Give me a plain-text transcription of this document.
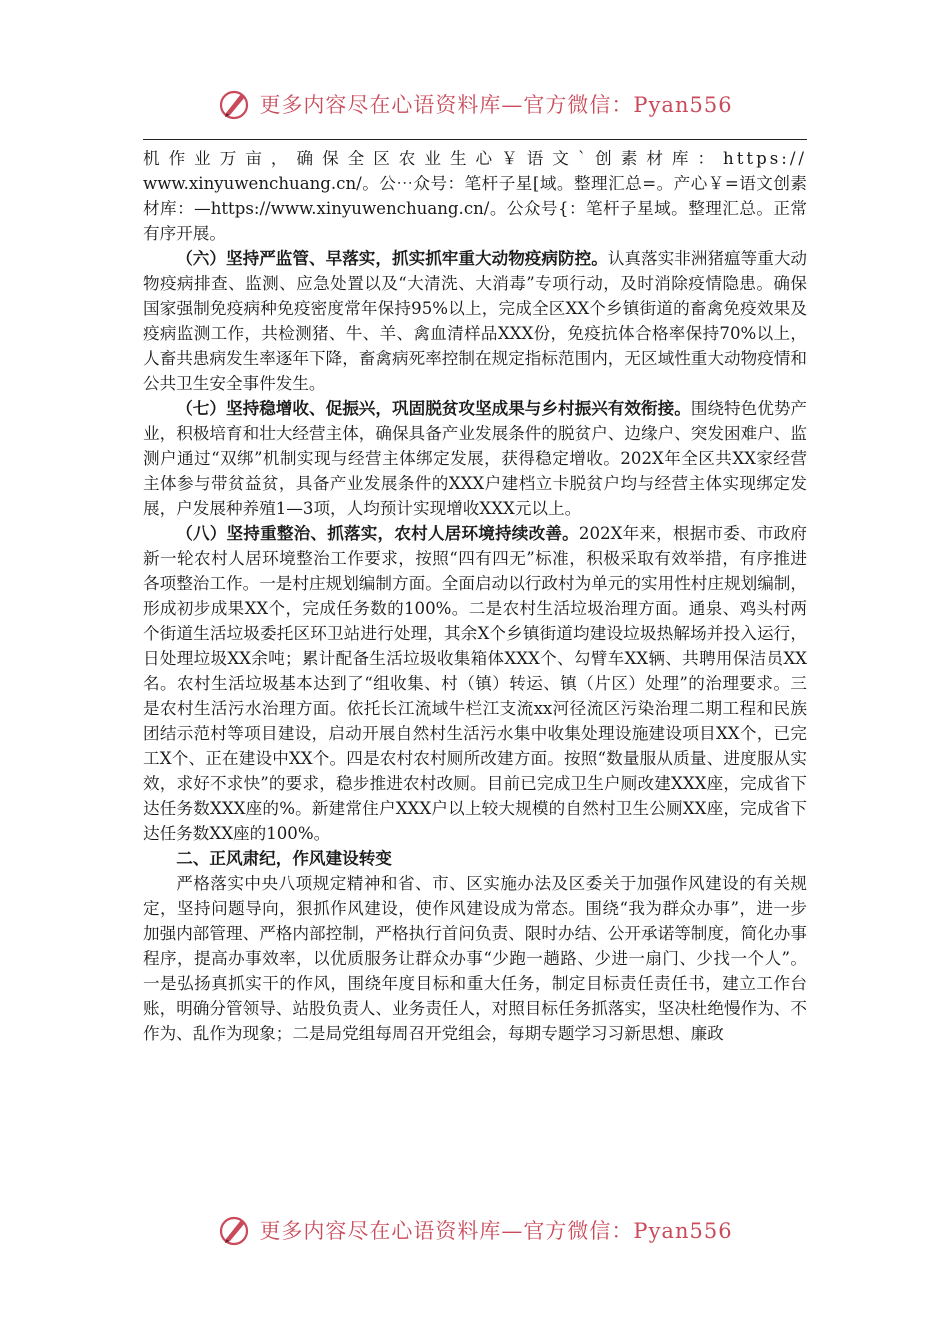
更多内容尽在心语资料库—官方微信：Pyan556

机作业万亩，确保全区农业生心￥语文`创素材库：https://

www.xinyuwenchuang.cn/。公⋯众号：笔杆子星[域。整理汇总=。产心￥=语文创素材库：—https://www.xinyuwenchuang.cn/。公众号{：笔杆子星域。整理汇总。正常有序开展。

（六）坚持严监管、早落实，抓实抓牢重大动物疫病防控。认真落实非洲猪瘟等重大动物疫病排查、监测、应急处置以及“大清洗、大消毒”专项行动，及时消除疫情隐患。确保国家强制免疫病种免疫密度常年保持95%以上，完成全区XX个乡镇街道的畜禽免疫效果及疫病监测工作，共检测猪、牛、羊、禽血清样品XXX份，免疫抗体合格率保持70%以上，人畜共患病发生率逐年下降，畜禽病死率控制在规定指标范围内，无区域性重大动物疫情和公共卫生安全事件发生。

（七）坚持稳增收、促振兴，巩固脱贫攻坚成果与乡村振兴有效衔接。围绕特色优势产业，积极培育和壮大经营主体，确保具备产业发展条件的脱贫户、边缘户、突发困难户、监测户通过“双绑”机制实现与经营主体绑定发展，获得稳定增收。202X年全区共XX家经营主体参与带贫益贫，具备产业发展条件的XXX户建档立卡脱贫户均与经营主体实现绑定发展，户发展种养殖1—3项，人均预计实现增收XXX元以上。

（八）坚持重整治、抓落实，农村人居环境持续改善。202X年来，根据市委、市政府新一轮农村人居环境整治工作要求，按照“四有四无”标准，积极采取有效举措，有序推进各项整治工作。一是村庄规划编制方面。全面启动以行政村为单元的实用性村庄规划编制，形成初步成果XX个，完成任务数的100%。二是农村生活垃圾治理方面。通泉、鸡头村两个街道生活垃圾委托区环卫站进行处理，其余X个乡镇街道均建设垃圾热解场并投入运行，日处理垃圾XX余吨；累计配备生活垃圾收集箱体XXX个、勾臂车XX辆、共聘用保洁员XX名。农村生活垃圾基本达到了“组收集、村（镇）转运、镇（片区）处理”的治理要求。三是农村生活污水治理方面。依托长江流域牛栏江支流xx河径流区污染治理二期工程和民族团结示范村等项目建设，启动开展自然村生活污水集中收集处理设施建设项目XX个，已完工X个、正在建设中XX个。四是农村农村厕所改建方面。按照“数量服从质量、进度服从实效，求好不求快”的要求，稳步推进农村改厕。目前已完成卫生户厕改建XXX座，完成省下达任务数XXX座的%。新建常住户XXX户以上较大规模的自然村卫生公厕XX座，完成省下达任务数XX座的100%。

二、正风肃纪，作风建设转变

严格落实中央八项规定精神和省、市、区实施办法及区委关于加强作风建设的有关规定，坚持问题导向，狠抓作风建设，使作风建设成为常态。围绕“我为群众办事”，进一步加强内部管理、严格内部控制，严格执行首问负责、限时办结、公开承诺等制度，简化办事程序，提高办事效率，以优质服务让群众办事“少跑一趟路、少进一扇门、少找一个人”。一是弘扬真抓实干的作风，围绕年度目标和重大任务，制定目标责任责任书，建立工作台账，明确分管领导、站股负责人、业务责任人，对照目标任务抓落实，坚决杜绝慢作为、不作为、乱作为现象；二是局党组每周召开党组会，每期专题学习习新思想、廉政

更多内容尽在心语资料库—官方微信：Pyan556
